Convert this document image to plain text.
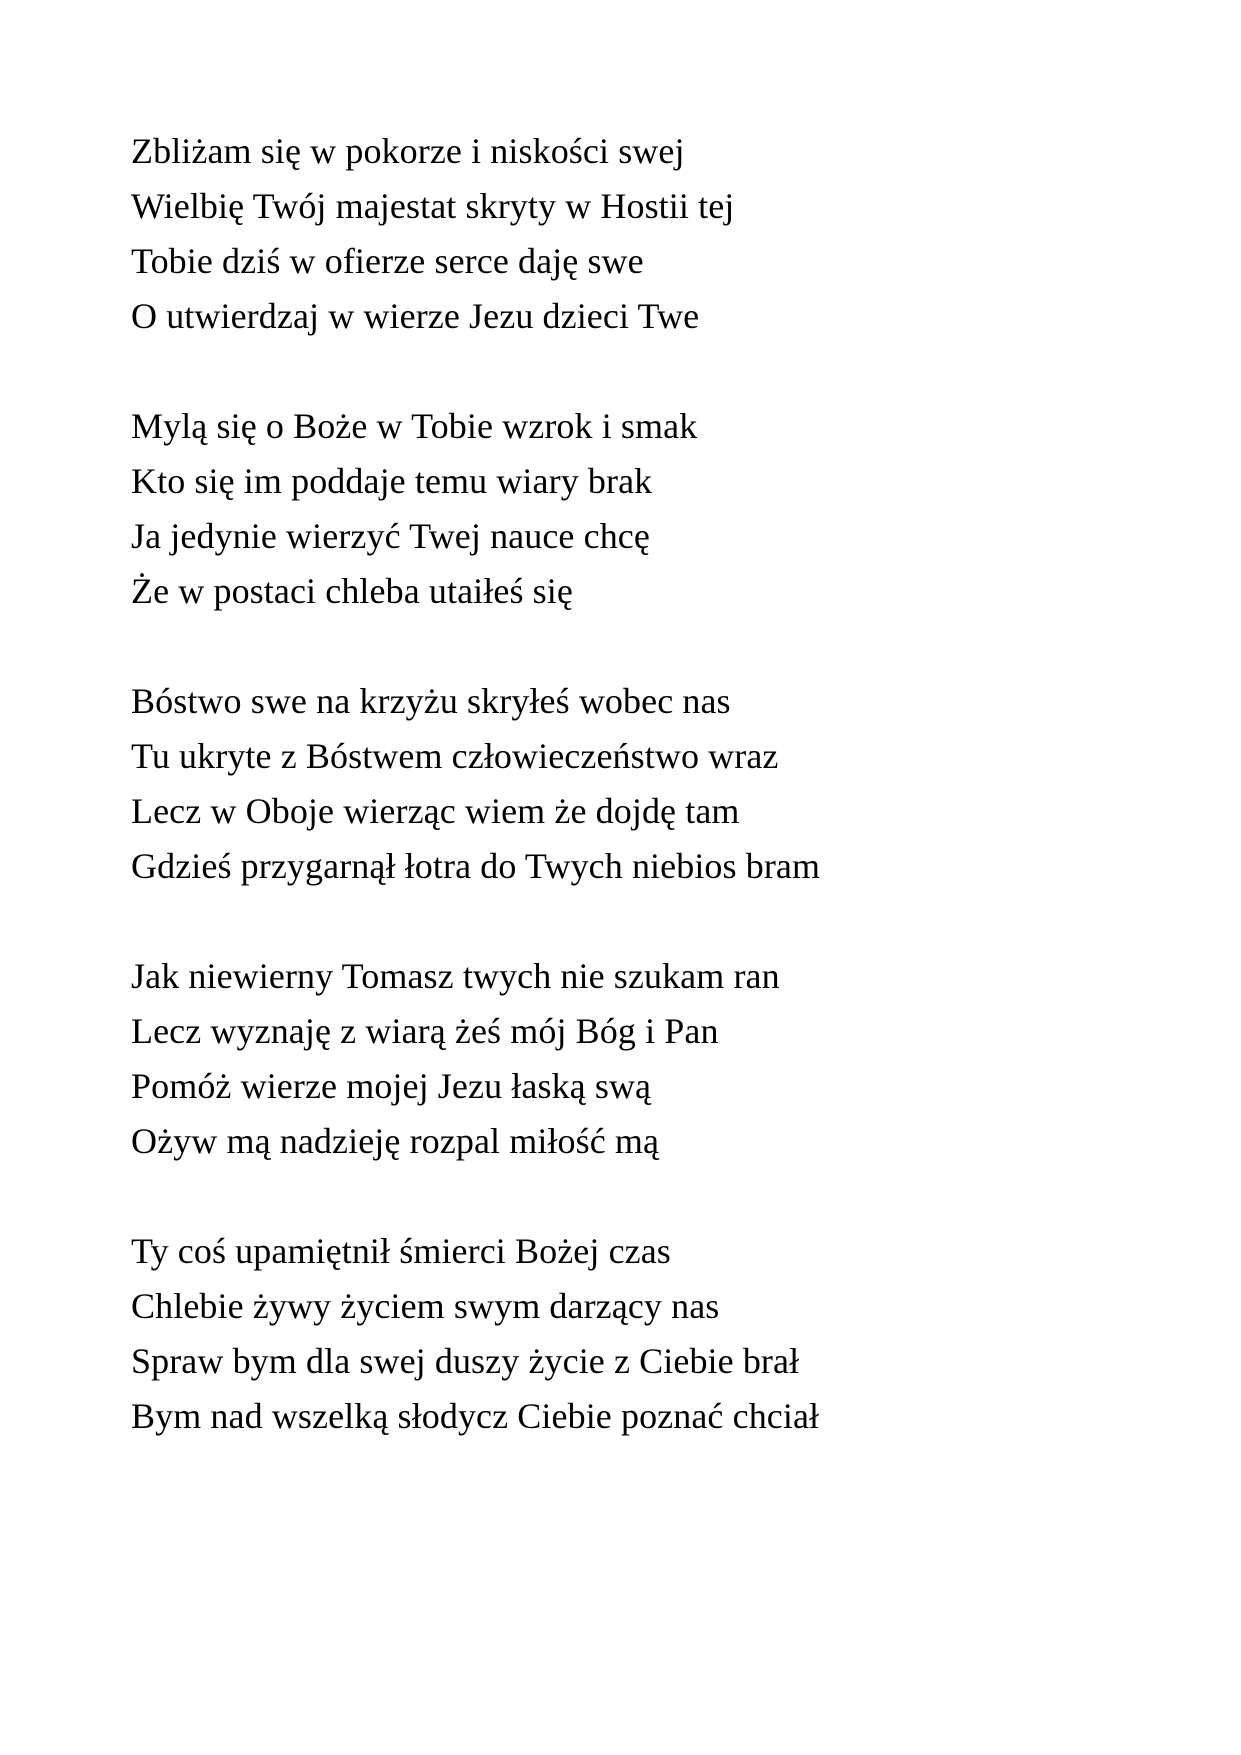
Zbliżam się w pokorze i niskości swej
Wielbię Twój majestat skryty w Hostii tej
Tobie dziś w ofierze serce daję swe
O utwierdzaj w wierze Jezu dzieci Twe
Mylą się o Boże w Tobie wzrok i smak
Kto się im poddaje temu wiary brak
Ja jedynie wierzyć Twej nauce chcę
Że w postaci chleba utaiłeś się
Bóstwo swe na krzyżu skryłeś wobec nas
Tu ukryte z Bóstwem człowieczeństwo wraz
Lecz w Oboje wierząc wiem że dojdę tam
Gdzieś przygarnął łotra do Twych niebios bram
Jak niewierny Tomasz twych nie szukam ran
Lecz wyznaję z wiarą żeś mój Bóg i Pan
Pomóż wierze mojej Jezu łaską swą
Ożyw mą nadzieję rozpal miłość mą
Ty coś upamiętnił śmierci Bożej czas
Chlebie żywy życiem swym darzący nas
Spraw bym dla swej duszy życie z Ciebie brał
Bym nad wszelką słodycz Ciebie poznać chciał
